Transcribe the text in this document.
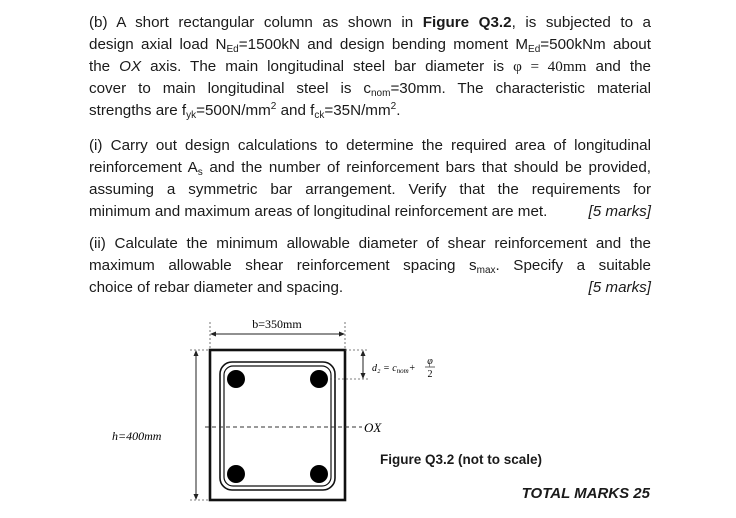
(b) A short rectangular column as shown in Figure Q3.2, is subjected to a
design axial load $N_{Ed}=1500kN$ and design bending moment $M_{Ed}=500kNm$ about
the OX axis. The main longitudinal steel bar diameter is φ = 40mm and the
cover to main longitudinal steel is $c_{nom}=30mm$. The characteristic material
strengths are $f_{yk}=500N/mm^2$ and $f_{ck}=35N/mm^2$.
(i) Carry out design calculations to determine the required area of longitudinal
reinforcement $A_s$ and the number of reinforcement bars that should be provided,
assuming a symmetric bar arrangement. Verify that the requirements for
minimum and maximum areas of longitudinal reinforcement are met.	[5 marks]
(ii) Calculate the minimum allowable diameter of shear reinforcement and the
maximum allowable shear reinforcement spacing $s_{max}$. Specify a suitable
choice of rebar diameter and spacing.	[5 marks]
b=350mm
h=400mm
OX
$d_2 = c_{nom}+$
φ
2
Figure Q3.2 (not to scale)
TOTAL MARKS 25
